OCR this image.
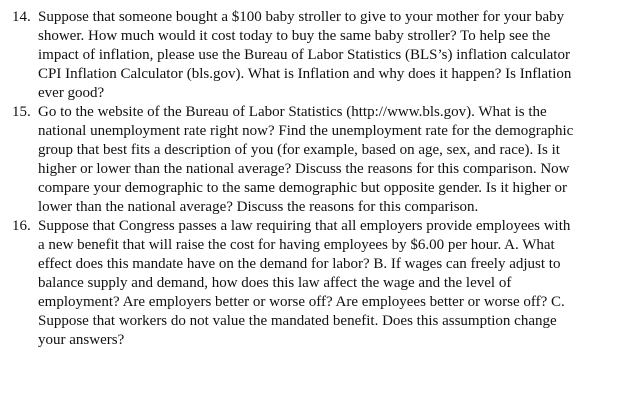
14. Suppose that someone bought a $100 baby stroller to give to your mother for your baby
shower. How much would it cost today to buy the same baby stroller? To help see the
impact of inflation, please use the Bureau of Labor Statistics (BLS’s) inflation calculator
CPI Inflation Calculator (bls.gov). What is Inflation and why does it happen? Is Inflation
ever good?
15. Go to the website of the Bureau of Labor Statistics (http://www.bls.gov). What is the
national unemployment rate right now? Find the unemployment rate for the demographic
group that best fits a description of you (for example, based on age, sex, and race). Is it
higher or lower than the national average? Discuss the reasons for this comparison. Now
compare your demographic to the same demographic but opposite gender. Is it higher or
lower than the national average? Discuss the reasons for this comparison.
16. Suppose that Congress passes a law requiring that all employers provide employees with
a new benefit that will raise the cost for having employees by $6.00 per hour. A. What
effect does this mandate have on the demand for labor? B. If wages can freely adjust to
balance supply and demand, how does this law affect the wage and the level of
employment? Are employers better or worse off? Are employees better or worse off? C.
Suppose that workers do not value the mandated benefit. Does this assumption change
your answers?
